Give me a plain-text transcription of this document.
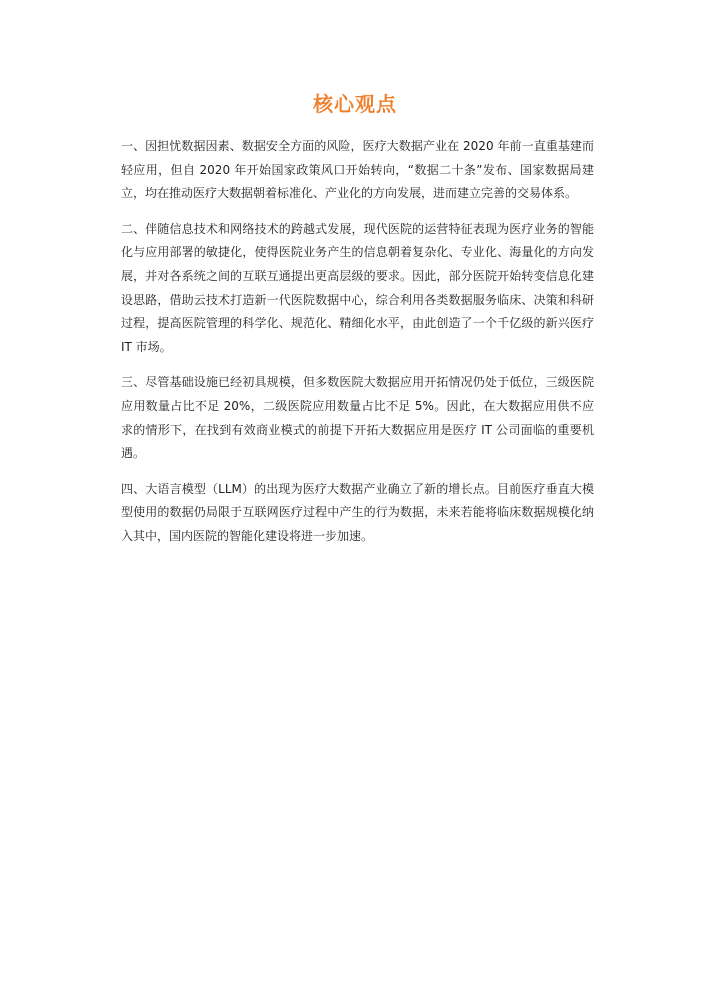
核心观点

一、因担忧数据因素、数据安全方面的风险，医疗大数据产业在 2020 年前一直重基建而轻应用，但自 2020 年开始国家政策风口开始转向，“数据二十条”发布、国家数据局建立，均在推动医疗大数据朝着标准化、产业化的方向发展，进而建立完善的交易体系。

二、伴随信息技术和网络技术的跨越式发展，现代医院的运营特征表现为医疗业务的智能化与应用部署的敏捷化，使得医院业务产生的信息朝着复杂化、专业化、海量化的方向发展，并对各系统之间的互联互通提出更高层级的要求。因此，部分医院开始转变信息化建设思路，借助云技术打造新一代医院数据中心，综合利用各类数据服务临床、决策和科研过程，提高医院管理的科学化、规范化、精细化水平，由此创造了一个千亿级的新兴医疗 IT 市场。

三、尽管基础设施已经初具规模，但多数医院大数据应用开拓情况仍处于低位，三级医院应用数量占比不足 20%，二级医院应用数量占比不足 5%。因此，在大数据应用供不应求的情形下，在找到有效商业模式的前提下开拓大数据应用是医疗 IT 公司面临的重要机遇。

四、大语言模型（LLM）的出现为医疗大数据产业确立了新的增长点。目前医疗垂直大模型使用的数据仍局限于互联网医疗过程中产生的行为数据，未来若能将临床数据规模化纳入其中，国内医院的智能化建设将进一步加速。
